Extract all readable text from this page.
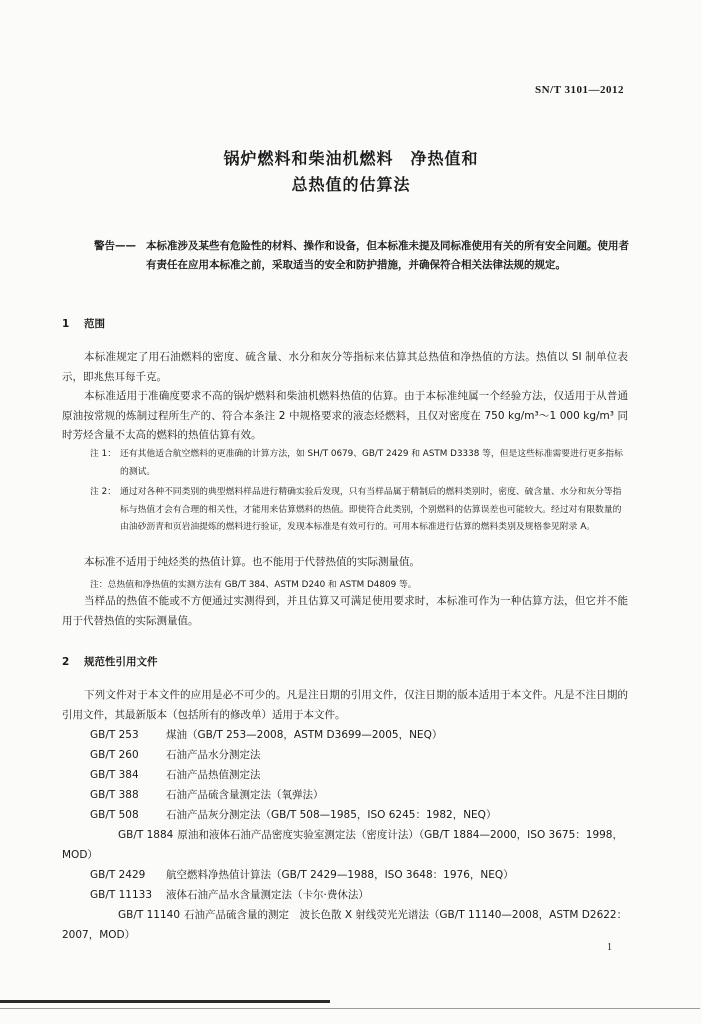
SN/T 3101—2012
锅炉燃料和柴油机燃料　净热值和
总热值的估算法
警告—— 本标准涉及某些有危险性的材料、操作和设备，但本标准未提及同标准使用有关的所有安全问题。使用者有责任在应用本标准之前，采取适当的安全和防护措施，并确保符合相关法律法规的规定。
1 范围
本标准规定了用石油燃料的密度、硫含量、水分和灰分等指标来估算其总热值和净热值的方法。热值以 SI 制单位表示，即兆焦耳每千克。
本标准适用于准确度要求不高的锅炉燃料和柴油机燃料热值的估算。由于本标准纯属一个经验方法，仅适用于从普通原油按常规的炼制过程所生产的、符合本条注 2 中规格要求的液态烃燃料，且仅对密度在 750 kg/m³～1 000 kg/m³ 同时芳烃含量不太高的燃料的热值估算有效。
注 1： 还有其他适合航空燃料的更准确的计算方法，如 SH/T 0679、GB/T 2429 和 ASTM D3338 等，但是这些标准需要进行更多指标的测试。
注 2： 通过对各种不同类别的典型燃料样品进行精确实验后发现，只有当样品属于精制后的燃料类别时，密度、硫含量、水分和灰分等指标与热值才会有合理的相关性，才能用来估算燃料的热值。即使符合此类别，个别燃料的估算误差也可能较大。经过对有限数量的由油砂沥青和页岩油提炼的燃料进行验证，发现本标准是有效可行的。可用本标准进行估算的燃料类别及规格参见附录 A。
本标准不适用于纯烃类的热值计算。也不能用于代替热值的实际测量值。
注：总热值和净热值的实测方法有 GB/T 384、ASTM D240 和 ASTM D4809 等。
当样品的热值不能或不方便通过实测得到，并且估算又可满足使用要求时，本标准可作为一种估算方法，但它并不能用于代替热值的实际测量值。
2 规范性引用文件
下列文件对于本文件的应用是必不可少的。凡是注日期的引用文件，仅注日期的版本适用于本文件。凡是不注日期的引用文件，其最新版本（包括所有的修改单）适用于本文件。
GB/T 253	煤油（GB/T 253—2008，ASTM D3699—2005，NEQ）
GB/T 260	石油产品水分测定法
GB/T 384	石油产品热值测定法
GB/T 388	石油产品硫含量测定法（氧弹法）
GB/T 508	石油产品灰分测定法（GB/T 508—1985，ISO 6245：1982，NEQ）
GB/T 1884 原油和液体石油产品密度实验室测定法（密度计法）（GB/T 1884—2000，ISO 3675：1998，MOD）
GB/T 2429 航空燃料净热值计算法（GB/T 2429—1988，ISO 3648：1976，NEQ）
GB/T 11133 液体石油产品水含量测定法（卡尔·费休法）
GB/T 11140 石油产品硫含量的测定　波长色散 X 射线荧光光谱法（GB/T 11140—2008，ASTM D2622：2007，MOD）
1
